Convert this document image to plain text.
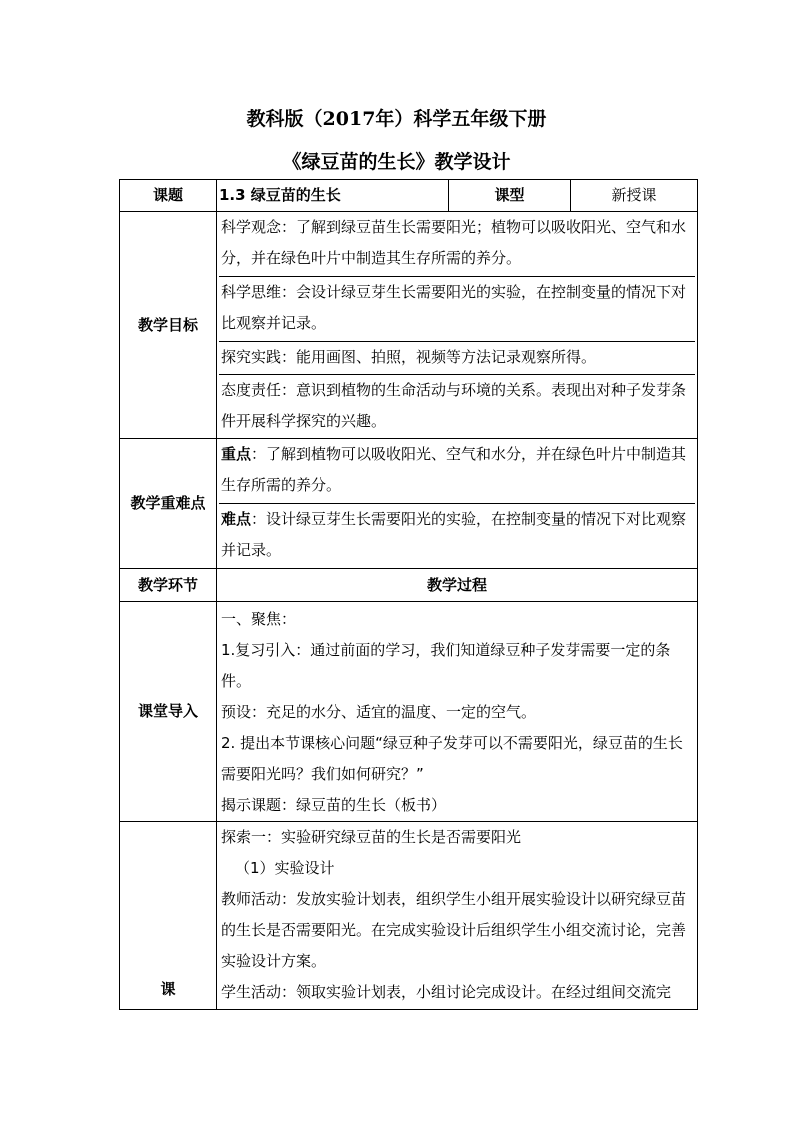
教科版（2017年）科学五年级下册
《绿豆苗的生长》教学设计
课题	1.3 绿豆苗的生长	课型	新授课
教学目标	科学观念：了解到绿豆苗生长需要阳光；植物可以吸收阳光、空气和水分，并在绿色叶片中制造其生存所需的养分。
科学思维：会设计绿豆芽生长需要阳光的实验，在控制变量的情况下对比观察并记录。
探究实践：能用画图、拍照，视频等方法记录观察所得。
态度责任：意识到植物的生命活动与环境的关系。表现出对种子发芽条件开展科学探究的兴趣。		

教学重难点	重点：了解到植物可以吸收阳光、空气和水分，并在绿色叶片中制造其生存所需的养分。
难点：设计绿豆芽生长需要阳光的实验，在控制变量的情况下对比观察并记录。		

教学环节	教学过程		
课堂导入	一、聚焦：
1.复习引入：通过前面的学习，我们知道绿豆种子发芽需要一定的条件。
预设：充足的水分、适宜的温度、一定的空气。
2. 提出本节课核心问题“绿豆种子发芽可以不需要阳光，绿豆苗的生长需要阳光吗？我们如何研究？”
揭示课题：绿豆苗的生长（板书）		

课	探索一：实验研究绿豆苗的生长是否需要阳光
（1）实验设计
教师活动：发放实验计划表，组织学生小组开展实验设计以研究绿豆苗的生长是否需要阳光。在完成实验设计后组织学生小组交流讨论，完善实验设计方案。
学生活动：领取实验计划表，小组讨论完成设计。在经过组间交流完		
